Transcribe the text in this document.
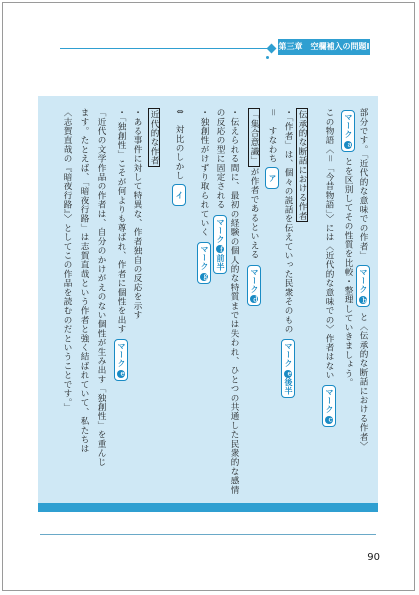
第三章　空欄補入の問題Ⅰ
部分です。「近代的な意味での作者」 マークｂ と〈伝承的な断話における作者〉
マークａ とを区別してその性質を比較・整理していきましょう。
この物語〈＝「今昔物語」〉には〈近代的な意味での〉作者はない マークｃ
伝承的な断話における作者
・「作者」は、個々の説話を伝えていった民衆そのもの マークｅ後半
＝　すなわち ア
「集合意識」が作者であるといえる マークｄ
・伝えられる間に、最初の経験の個人的な特質までは失われ、ひとつの共通した民衆的な感情
の反応の型に固定される マークｆ前半
・独創性がけずり取られていく マークｇ
⇕　対比のしかし イ
近代的な作者
・ある事件に対して特異な、作者独自の反応を示す
・「独創性」こそが何よりも尊ばれ、作者に個性を出す マークｅ
「近代の文学作品の作者は、自分のかけがえのない個性が生み出す「独創性」を重んじ
ます。たとえば、「暗夜行路」は志賀直哉という作者と強く結ばれていて、私たちは
〈志賀直哉の『暗夜行路』〉としてこの作品を読むのだということです。」
90
